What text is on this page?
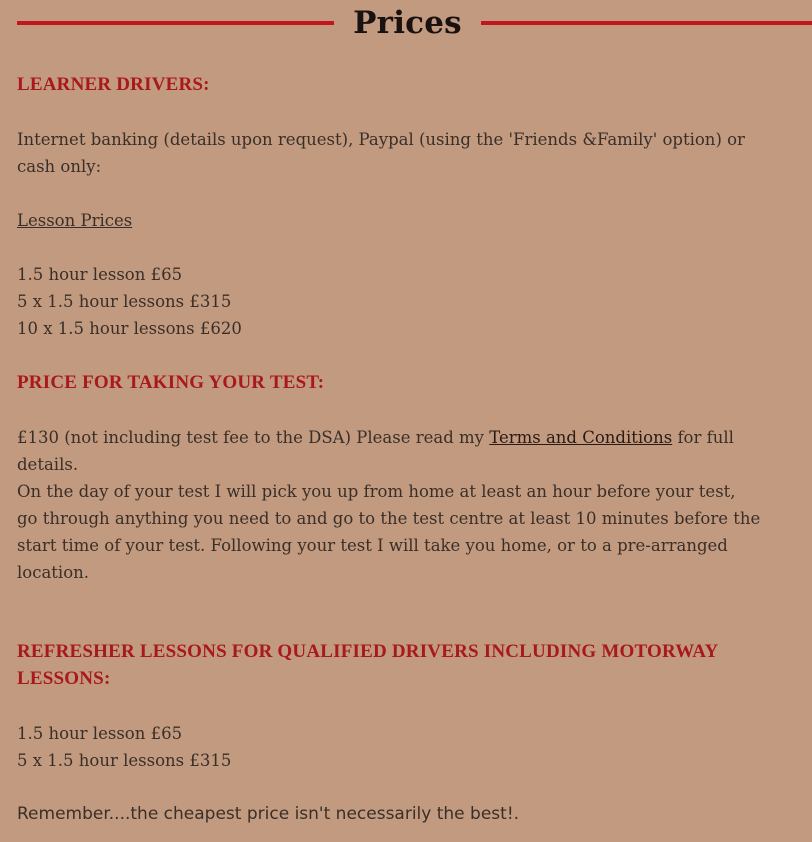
Prices
LEARNER DRIVERS:
Internet banking (details upon request), Paypal (using the 'Friends &Family' option) or
cash only:
Lesson Prices
1.5 hour lesson £65
5 x 1.5 hour lessons £315
10 x 1.5 hour lessons £620
PRICE FOR TAKING YOUR TEST:
£130 (not including test fee to the DSA) Please read my Terms and Conditions for full
details.
On the day of your test I will pick you up from home at least an hour before your test,
go through anything you need to and go to the test centre at least 10 minutes before the
start time of your test. Following your test I will take you home, or to a pre-arranged
location.
REFRESHER LESSONS FOR QUALIFIED DRIVERS INCLUDING MOTORWAY
LESSONS:
1.5 hour lesson £65
5 x 1.5 hour lessons £315
Remember....the cheapest price isn't necessarily the best!.
